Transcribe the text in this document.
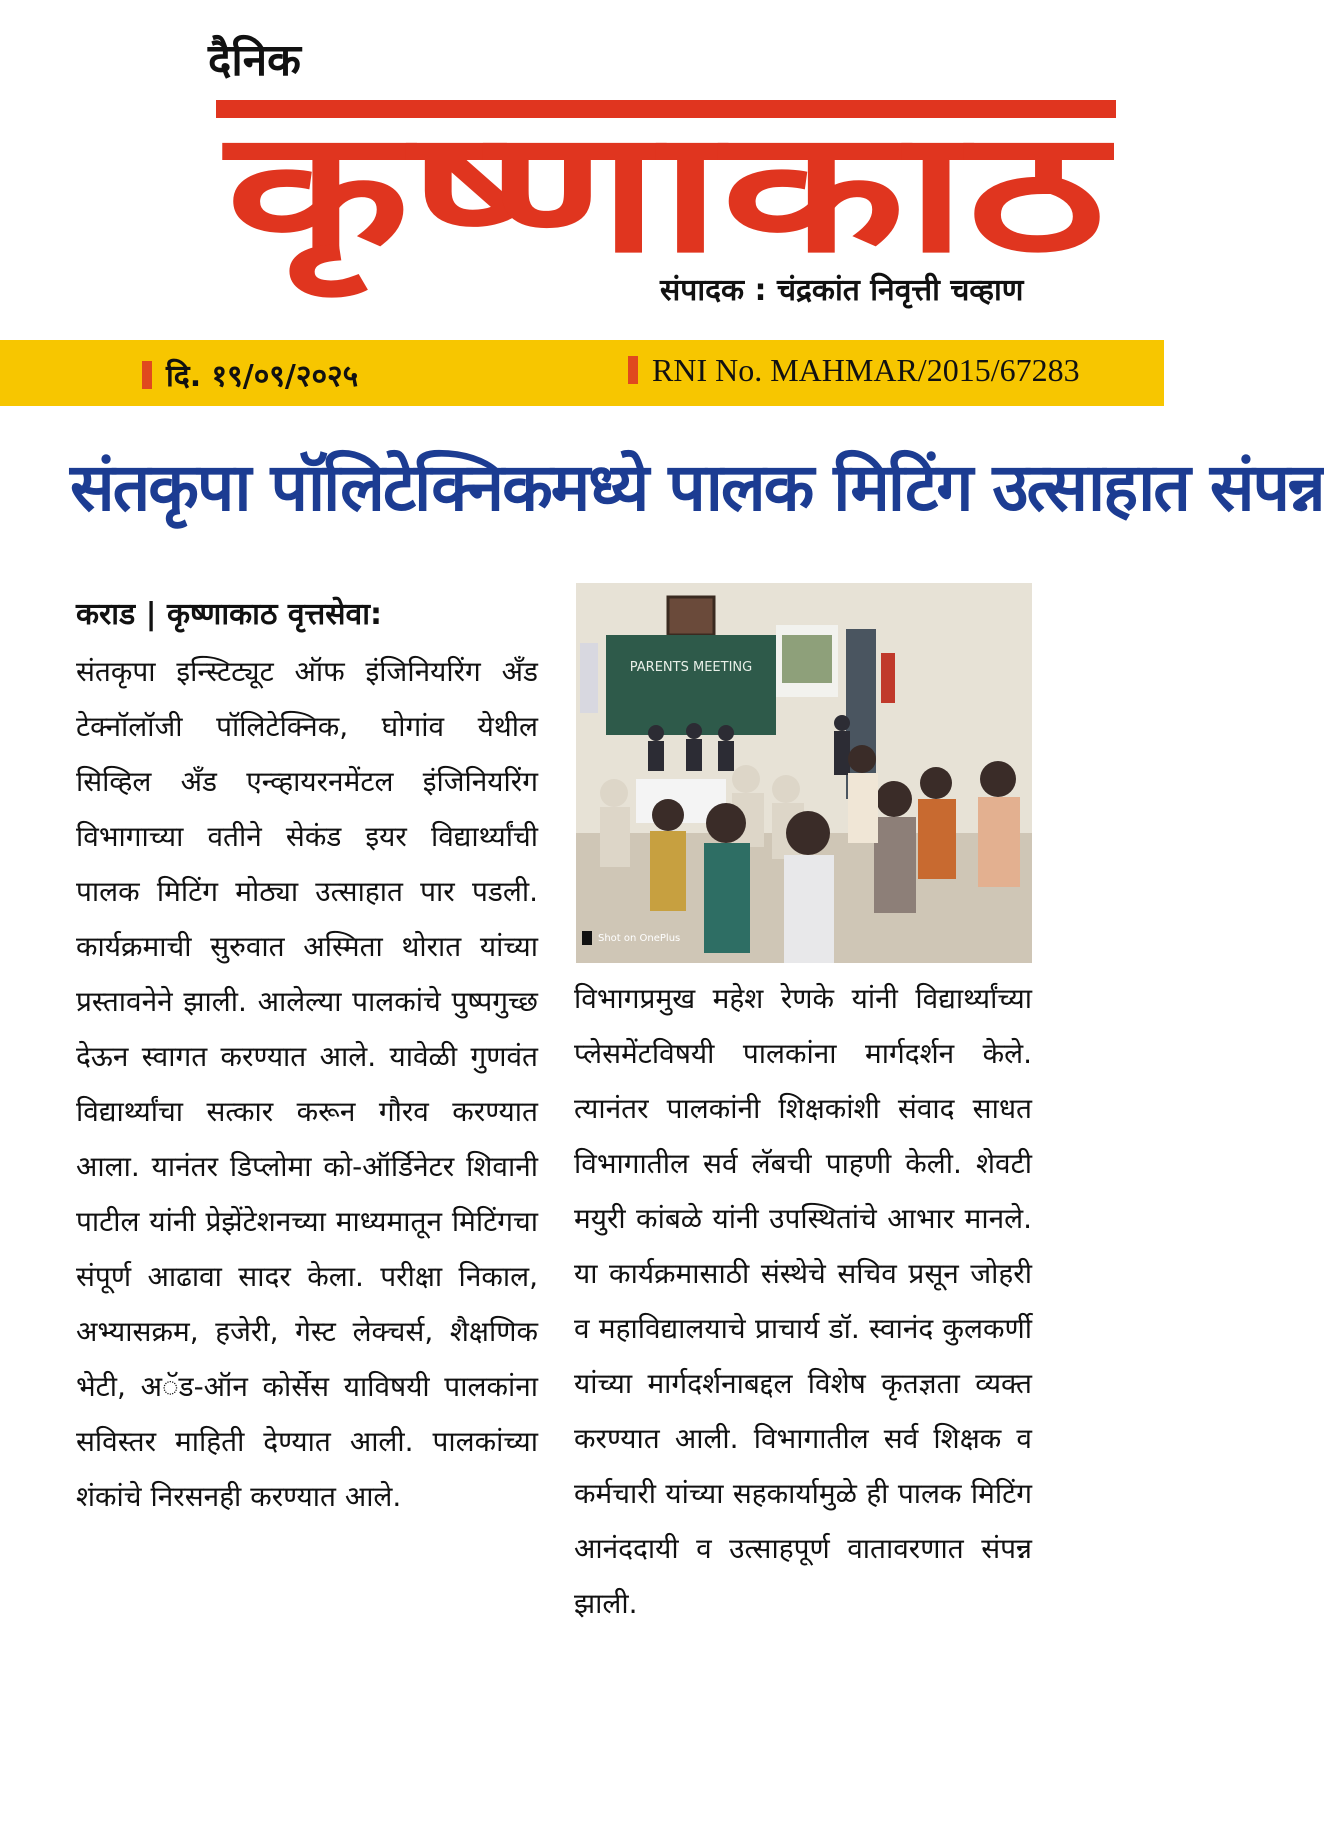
दैनिक
कृष्णाकाठ
संपादक : चंद्रकांत निवृत्ती चव्हाण
दि. १९/०९/२०२५	RNI No. MAHMAR/2015/67283
संतकृपा पॉलिटेक्निकमध्ये पालक मिटिंग उत्साहात संपन्न
कराड | कृष्णाकाठ वृत्तसेवा:
संतकृपा इन्स्टिट्यूट ऑफ इंजिनियरिंग अँड टेक्नॉलॉजी पॉलिटेक्निक, घोगांव येथील सिव्हिल अँड एन्व्हायरनमेंटल इंजिनियरिंग विभागाच्या वतीने सेकंड इयर विद्यार्थ्यांची पालक मिटिंग मोठ्या उत्साहात पार पडली. कार्यक्रमाची सुरुवात अस्मिता थोरात यांच्या प्रस्तावनेने झाली. आलेल्या पालकांचे पुष्पगुच्छ देऊन स्वागत करण्यात आले. यावेळी गुणवंत विद्यार्थ्यांचा सत्कार करून गौरव करण्यात आला. यानंतर डिप्लोमा को-ऑर्डिनेटर शिवानी पाटील यांनी प्रेझेंटेशनच्या माध्यमातून मिटिंगचा संपूर्ण आढावा सादर केला. परीक्षा निकाल, अभ्यासक्रम, हजेरी, गेस्ट लेक्चर्स, शैक्षणिक भेटी, अॅड-ऑन कोर्सेस याविषयी पालकांना सविस्तर माहिती देण्यात आली. पालकांच्या शंकांचे निरसनही करण्यात आले.
PARENTS MEETING
Shot on OnePlus
विभागप्रमुख महेश रेणके यांनी विद्यार्थ्यांच्या प्लेसमेंटविषयी पालकांना मार्गदर्शन केले. त्यानंतर पालकांनी शिक्षकांशी संवाद साधत विभागातील सर्व लॅबची पाहणी केली. शेवटी मयुरी कांबळे यांनी उपस्थितांचे आभार मानले. या कार्यक्रमासाठी संस्थेचे सचिव प्रसून जोहरी व महाविद्यालयाचे प्राचार्य डॉ. स्वानंद कुलकर्णी यांच्या मार्गदर्शनाबद्दल विशेष कृतज्ञता व्यक्त करण्यात आली. विभागातील सर्व शिक्षक व कर्मचारी यांच्या सहकार्यामुळे ही पालक मिटिंग आनंददायी व उत्साहपूर्ण वातावरणात संपन्न झाली.
